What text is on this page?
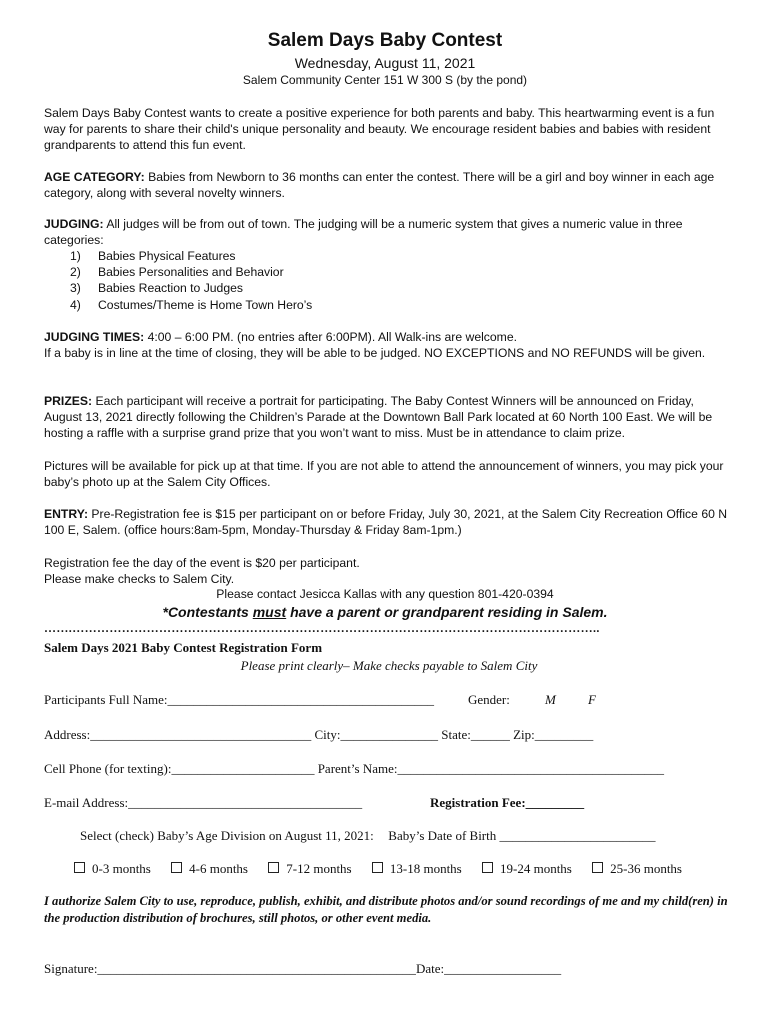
Salem Days Baby Contest
Wednesday, August 11, 2021
Salem Community Center 151 W 300 S (by the pond)
Salem Days Baby Contest wants to create a positive experience for both parents and baby. This heartwarming event is a fun way for parents to share their child's unique personality and beauty. We encourage resident babies and babies with resident grandparents to attend this fun event.
AGE CATEGORY: Babies from Newborn to 36 months can enter the contest. There will be a girl and boy winner in each age category, along with several novelty winners.
JUDGING: All judges will be from out of town. The judging will be a numeric system that gives a numeric value in three categories:
1) Babies Physical Features
2) Babies Personalities and Behavior
3) Babies Reaction to Judges
4) Costumes/Theme is Home Town Hero’s
JUDGING TIMES: 4:00 – 6:00 PM. (no entries after 6:00PM). All Walk-ins are welcome.
If a baby is in line at the time of closing, they will be able to be judged. NO EXCEPTIONS and NO REFUNDS will be given.
PRIZES: Each participant will receive a portrait for participating. The Baby Contest Winners will be announced on Friday, August 13, 2021 directly following the Children’s Parade at the Downtown Ball Park located at 60 North 100 East. We will be hosting a raffle with a surprise grand prize that you won’t want to miss. Must be in attendance to claim prize.
Pictures will be available for pick up at that time. If you are not able to attend the announcement of winners, you may pick your baby’s photo up at the Salem City Offices.
ENTRY: Pre-Registration fee is $15 per participant on or before Friday, July 30, 2021, at the Salem City Recreation Office 60 N 100 E, Salem. (office hours:8am-5pm, Monday-Thursday & Friday 8am-1pm.)
Registration fee the day of the event is $20 per participant.
Please make checks to Salem City.
Please contact Jesicca Kallas with any question 801-420-0394
*Contestants must have a parent or grandparent residing in Salem.
…….………………………………………………………………………………………………………………..
Salem Days 2021 Baby Contest Registration Form
Please print clearly– Make checks payable to Salem City
Participants Full Name:_________________________________________	Gender:	M F
Address:__________________________________ City:_______________ State:______ Zip:_________
Cell Phone (for texting):______________________ Parent’s Name:_________________________________________
E-mail Address:____________________________________	Registration Fee:_________
Select (check) Baby’s Age Division on August 11, 2021: Baby’s Date of Birth ________________________
0-3 months	4-6 months	7-12 months	13-18 months	19-24 months	25-36 months
I authorize Salem City to use, reproduce, publish, exhibit, and distribute photos and/or sound recordings of me and my child(ren) in the production distribution of brochures, still photos, or other event media.
Signature:_________________________________________________Date:__________________
